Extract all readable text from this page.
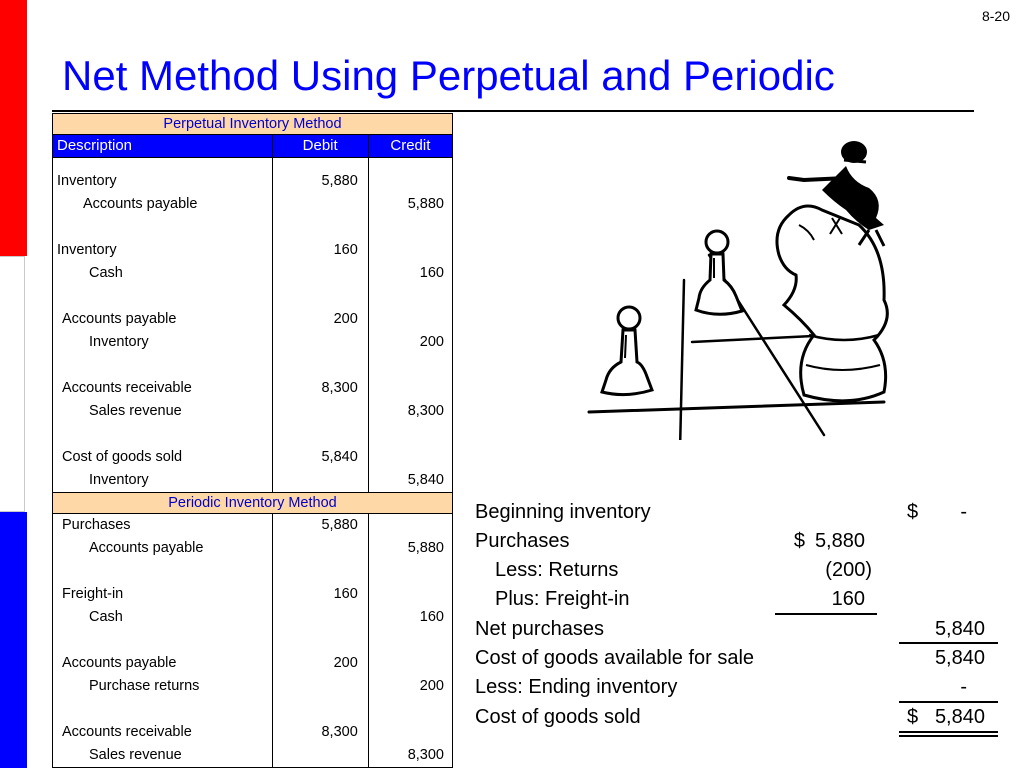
8-20
Net Method Using Perpetual and Periodic
Perpetual Inventory Method		
Description	Debit	Credit

Inventory	5,880	
Accounts payable		5,880

Inventory	160	
Cash		160

Accounts payable	200	
Inventory		200

Accounts receivable	8,300	
Sales revenue		8,300

Cost of goods sold	5,840	
Inventory		5,840
Periodic Inventory Method		
Purchases	5,880	
Accounts payable		5,880

Freight-in	160	
Cash		160

Accounts payable	200	
Purchase returns		200

Accounts receivable	8,300	
Sales revenue		8,300
Beginning inventory	$	-
Purchases	$ 5,880
Less: Returns	(200)
Plus: Freight-in	160
Net purchases	5,840
Cost of goods available for sale	5,840
Less: Ending inventory	-
Cost of goods sold	$ 5,840
